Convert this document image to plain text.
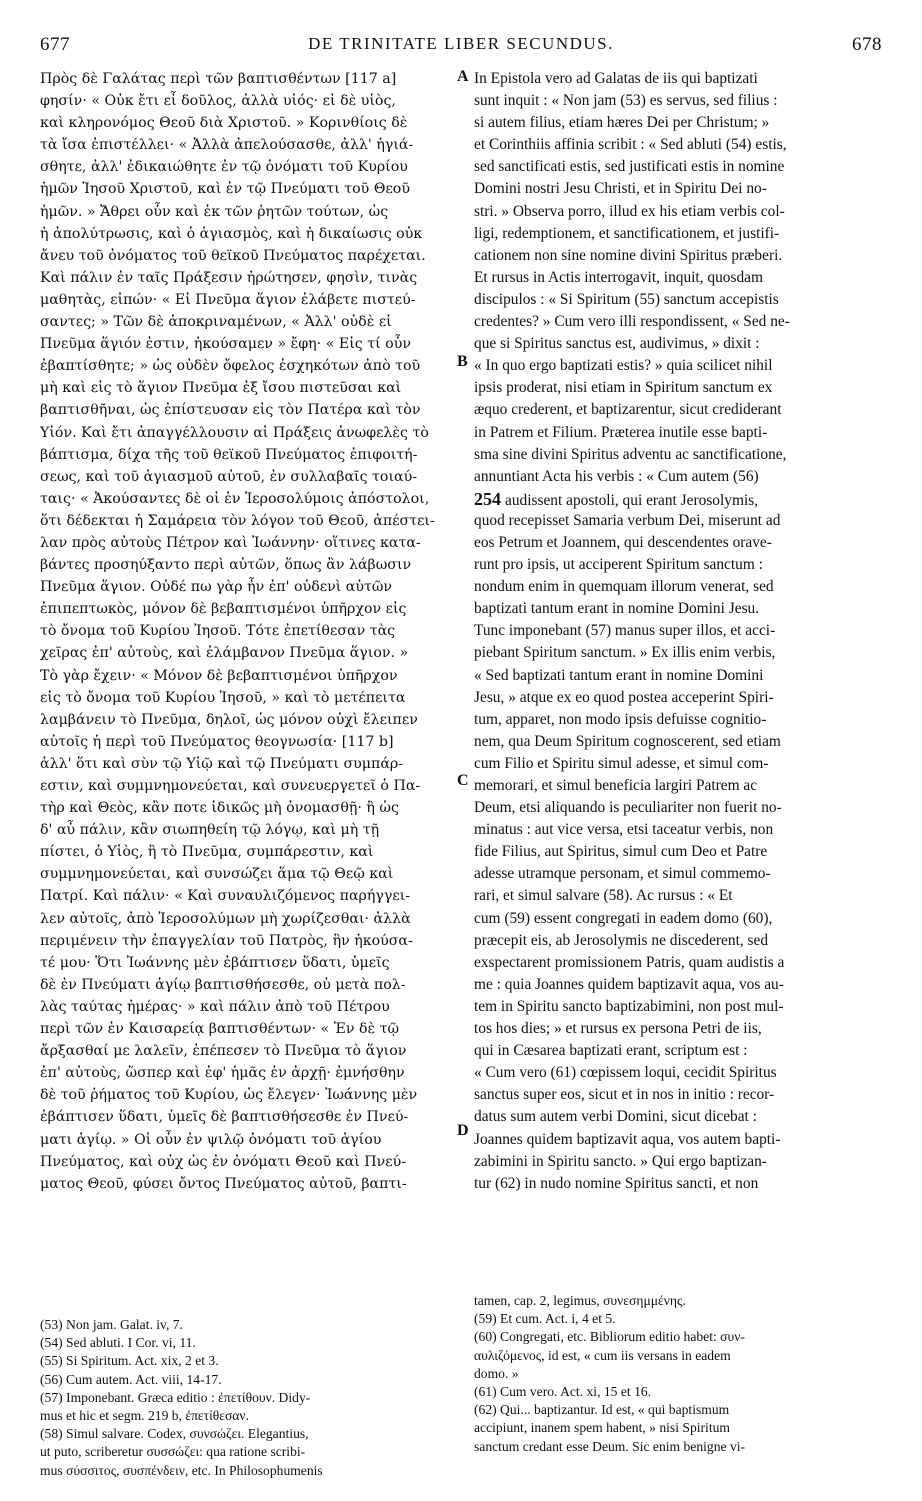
677	DE TRINITATE LIBER SECUNDUS.	678
A
B
C
D
Πρὸς δὲ Γαλάτας περὶ τῶν βαπτισθέντων [117 a]
φησίν· « Οὐκ ἔτι εἶ δοῦλος, ἀλλὰ υἱός· εἰ δὲ υἱὸς,
καὶ κληρονόμος Θεοῦ διὰ Χριστοῦ. » Κορινθίοις δὲ
τὰ ἴσα ἐπιστέλλει· « Ἀλλὰ ἀπελούσασθε, ἀλλ' ἡγιά-
σθητε, ἀλλ' ἐδικαιώθητε ἐν τῷ ὀνόματι τοῦ Κυρίου
ἡμῶν Ἰησοῦ Χριστοῦ, καὶ ἐν τῷ Πνεύματι τοῦ Θεοῦ
ἡμῶν. » Ἄθρει οὖν καὶ ἐκ τῶν ῥητῶν τούτων, ὡς
ἡ ἀπολύτρωσις, καὶ ὁ ἁγιασμὸς, καὶ ἡ δικαίωσις οὐκ
ἄνευ τοῦ ὀνόματος τοῦ θεϊκοῦ Πνεύματος παρέχεται.
Καὶ πάλιν ἐν ταῖς Πράξεσιν ἠρώτησεν, φησὶν, τινὰς
μαθητὰς, εἰπών· « Εἰ Πνεῦμα ἅγιον ἐλάβετε πιστεύ-
σαντες; » Τῶν δὲ ἀποκριναμένων, « Ἀλλ' οὐδὲ εἰ
Πνεῦμα ἅγιόν ἐστιν, ἠκούσαμεν » ἔφη· « Εἰς τί οὖν
ἐβαπτίσθητε; » ὡς οὐδὲν ὄφελος ἐσχηκότων ἀπὸ τοῦ
μὴ καὶ εἰς τὸ ἅγιον Πνεῦμα ἐξ ἴσου πιστεῦσαι καὶ
βαπτισθῆναι, ὡς ἐπίστευσαν εἰς τὸν Πατέρα καὶ τὸν
Υἱόν. Καὶ ἔτι ἀπαγγέλλουσιν αἱ Πράξεις ἀνωφελὲς τὸ
βάπτισμα, δίχα τῆς τοῦ θεϊκοῦ Πνεύματος ἐπιφοιτή-
σεως, καὶ τοῦ ἁγιασμοῦ αὐτοῦ, ἐν συλλαβαῖς τοιαύ-
ταις· « Ἀκούσαντες δὲ οἱ ἐν Ἱεροσολύμοις ἀπόστολοι,
ὅτι δέδεκται ἡ Σαμάρεια τὸν λόγον τοῦ Θεοῦ, ἀπέστει-
λαν πρὸς αὐτοὺς Πέτρον καὶ Ἰωάννην· οἵτινες κατα-
βάντες προσηύξαντο περὶ αὐτῶν, ὅπως ἂν λάβωσιν
Πνεῦμα ἅγιον. Οὐδέ πω γὰρ ἦν ἐπ' οὐδενὶ αὐτῶν
ἐπιπεπτωκὸς, μόνον δὲ βεβαπτισμένοι ὑπῆρχον εἰς
τὸ ὄνομα τοῦ Κυρίου Ἰησοῦ. Τότε ἐπετίθεσαν τὰς
χεῖρας ἐπ' αὐτοὺς, καὶ ἐλάμβανον Πνεῦμα ἅγιον. »
Τὸ γὰρ ἔχειν· « Μόνον δὲ βεβαπτισμένοι ὑπῆρχον
εἰς τὸ ὄνομα τοῦ Κυρίου Ἰησοῦ, » καὶ τὸ μετέπειτα
λαμβάνειν τὸ Πνεῦμα, δηλοῖ, ὡς μόνον οὐχὶ ἔλειπεν
αὐτοῖς ἡ περὶ τοῦ Πνεύματος θεογνωσία· [117 b]
ἀλλ' ὅτι καὶ σὺν τῷ Υἱῷ καὶ τῷ Πνεύματι συμπάρ-
εστιν, καὶ συμμνημονεύεται, καὶ συνευεργετεῖ ὁ Πα-
τὴρ καὶ Θεὸς, κἂν ποτε ἰδικῶς μὴ ὀνομασθῇ· ἢ ὡς
δ' αὖ πάλιν, κἂν σιωπηθείη τῷ λόγῳ, καὶ μὴ τῇ
πίστει, ὁ Υἱὸς, ἢ τὸ Πνεῦμα, συμπάρεστιν, καὶ
συμμνημονεύεται, καὶ συνσώζει ἅμα τῷ Θεῷ καὶ
Πατρί. Καὶ πάλιν· « Καὶ συναυλιζόμενος παρήγγει-
λεν αὐτοῖς, ἀπὸ Ἱεροσολύμων μὴ χωρίζεσθαι· ἀλλὰ
περιμένειν τὴν ἐπαγγελίαν τοῦ Πατρὸς, ἣν ἠκούσα-
τέ μου· Ὅτι Ἰωάννης μὲν ἐβάπτισεν ὕδατι, ὑμεῖς
δὲ ἐν Πνεύματι ἁγίῳ βαπτισθήσεσθε, οὐ μετὰ πολ-
λὰς ταύτας ἡμέρας· » καὶ πάλιν ἀπὸ τοῦ Πέτρου
περὶ τῶν ἐν Καισαρείᾳ βαπτισθέντων· « Ἐν δὲ τῷ
ἄρξασθαί με λαλεῖν, ἐπέπεσεν τὸ Πνεῦμα τὸ ἅγιον
ἐπ' αὐτοὺς, ὥσπερ καὶ ἐφ' ἡμᾶς ἐν ἀρχῇ· ἐμνήσθην
δὲ τοῦ ῥήματος τοῦ Κυρίου, ὡς ἔλεγεν· Ἰωάννης μὲν
ἐβάπτισεν ὕδατι, ὑμεῖς δὲ βαπτισθήσεσθε ἐν Πνεύ-
ματι ἁγίῳ. » Οἱ οὖν ἐν ψιλῷ ὀνόματι τοῦ ἁγίου
Πνεύματος, καὶ οὐχ ὡς ἐν ὀνόματι Θεοῦ καὶ Πνεύ-
ματος Θεοῦ, φύσει ὄντος Πνεύματος αὐτοῦ, βαπτι-
In Epistola vero ad Galatas de iis qui baptizati
sunt inquit : « Non jam (53) es servus, sed filius :
si autem filius, etiam hæres Dei per Christum; »
et Corinthiis affinia scribit : « Sed abluti (54) estis,
sed sanctificati estis, sed justificati estis in nomine
Domini nostri Jesu Christi, et in Spiritu Dei no-
stri. » Observa porro, illud ex his etiam verbis col-
ligi, redemptionem, et sanctificationem, et justifi-
cationem non sine nomine divini Spiritus præberi.
Et rursus in Actis interrogavit, inquit, quosdam
discipulos : « Si Spiritum (55) sanctum accepistis
credentes? » Cum vero illi respondissent, « Sed ne-
que si Spiritus sanctus est, audivimus, » dixit :
« In quo ergo baptizati estis? » quia scilicet nihil
ipsis proderat, nisi etiam in Spiritum sanctum ex
æquo crederent, et baptizarentur, sicut crediderant
in Patrem et Filium. Præterea inutile esse bapti-
sma sine divini Spiritus adventu ac sanctificatione,
annuntiant Acta his verbis : « Cum autem (56)
254 audissent apostoli, qui erant Jerosolymis,
quod recepisset Samaria verbum Dei, miserunt ad
eos Petrum et Joannem, qui descendentes orave-
runt pro ipsis, ut acciperent Spiritum sanctum :
nondum enim in quemquam illorum venerat, sed
baptizati tantum erant in nomine Domini Jesu.
Tunc imponebant (57) manus super illos, et acci-
piebant Spiritum sanctum. » Ex illis enim verbis,
« Sed baptizati tantum erant in nomine Domini
Jesu, » atque ex eo quod postea acceperint Spiri-
tum, apparet, non modo ipsis defuisse cognitio-
nem, qua Deum Spiritum cognoscerent, sed etiam
cum Filio et Spiritu simul adesse, et simul com-
memorari, et simul beneficia largiri Patrem ac
Deum, etsi aliquando is peculiariter non fuerit no-
minatus : aut vice versa, etsi taceatur verbis, non
fide Filius, aut Spiritus, simul cum Deo et Patre
adesse utramque personam, et simul commemo-
rari, et simul salvare (58). Ac rursus : « Et
cum (59) essent congregati in eadem domo (60),
præcepit eis, ab Jerosolymis ne discederent, sed
exspectarent promissionem Patris, quam audistis a
me : quia Joannes quidem baptizavit aqua, vos au-
tem in Spiritu sancto baptizabimini, non post mul-
tos hos dies; » et rursus ex persona Petri de iis,
qui in Cæsarea baptizati erant, scriptum est :
« Cum vero (61) cœpissem loqui, cecidit Spiritus
sanctus super eos, sicut et in nos in initio : recor-
datus sum autem verbi Domini, sicut dicebat :
Joannes quidem baptizavit aqua, vos autem bapti-
zabimini in Spiritu sancto. » Qui ergo baptizan-
tur (62) in nudo nomine Spiritus sancti, et non
(53) Non jam. Galat. iv, 7.
(54) Sed abluti. I Cor. vi, 11.
(55) Si Spiritum. Act. xix, 2 et 3.
(56) Cum autem. Act. viii, 14-17.
(57) Imponebant. Græca editio : ἐπετίθουν. Didy-
mus et hic et segm. 219 b, ἐπετίθεσαν.
(58) Simul salvare. Codex, συνσώζει. Elegantius,
ut puto, scriberetur συσσώζει: qua ratione scribi-
mus σύσσιτος, συσπένδειν, etc. In Philosophumenis
tamen, cap. 2, legimus, συνεσημμένης.
(59) Et cum. Act. i, 4 et 5.
(60) Congregati, etc. Bibliorum editio habet: συν-
αυλιζόμενος, id est, « cum iis versans in eadem
domo. »
(61) Cum vero. Act. xi, 15 et 16.
(62) Qui... baptizantur. Id est, « qui baptismum
accipiunt, inanem spem habent, » nisi Spiritum
sanctum credant esse Deum. Sic enim benigne vi-
